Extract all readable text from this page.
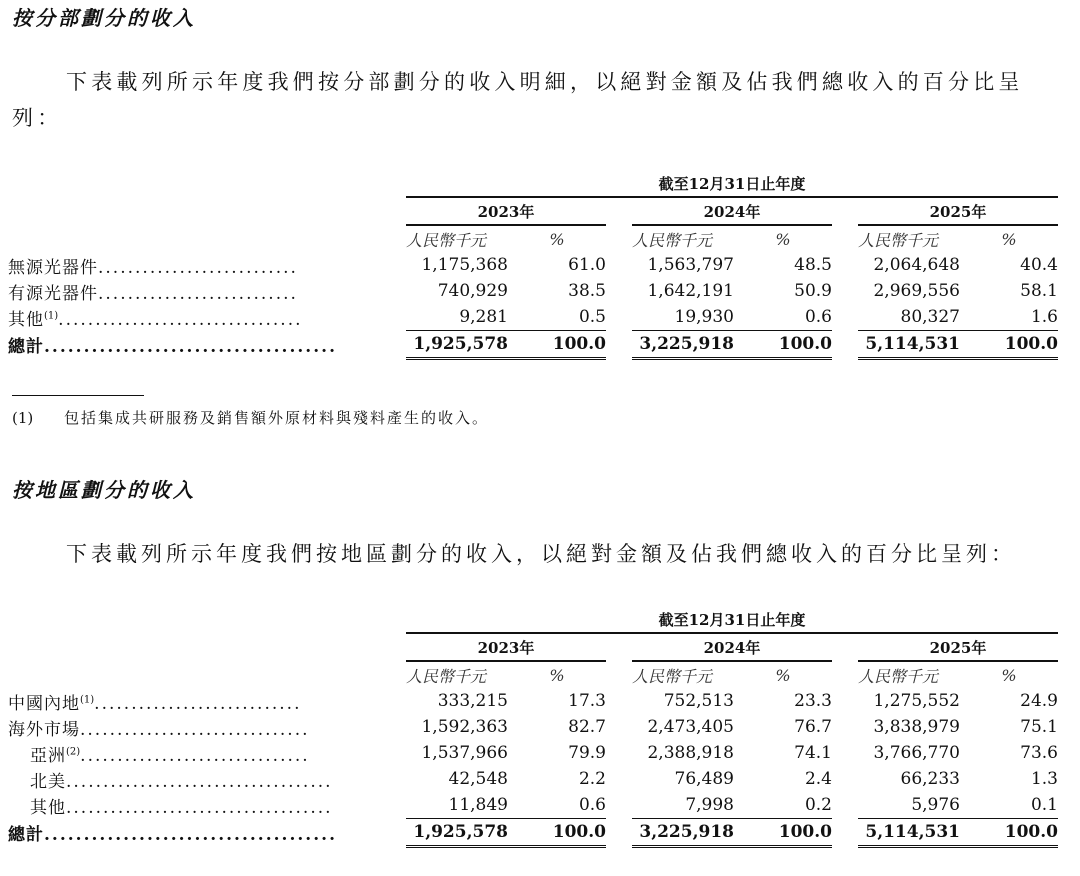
按分部劃分的收入
下表載列所示年度我們按分部劃分的收入明細，以絕對金額及佔我們總收入的百分比呈列：
	截至12月31日止年度							
	2023年			2024年			2025年	
	人民幣千元	%		人民幣千元	%		人民幣千元	%
無源光器件...........................	1,175,368	61.0		1,563,797	48.5		2,064,648	40.4
有源光器件...........................	740,929	38.5		1,642,191	50.9		2,969,556	58.1
其他$^{(1)}$.................................	9,281	0.5		19,930	0.6		80,327	1.6
總計.....................................	1,925,578	100.0		3,225,918	100.0		5,114,531	100.0
(1) 包括集成共研服務及銷售額外原材料與殘料產生的收入。
按地區劃分的收入
下表載列所示年度我們按地區劃分的收入，以絕對金額及佔我們總收入的百分比呈列：
	截至12月31日止年度							
	2023年			2024年			2025年	
	人民幣千元	%		人民幣千元	%		人民幣千元	%
中國內地$^{(1)}$............................	333,215	17.3		752,513	23.3		1,275,552	24.9
海外市場...............................	1,592,363	82.7		2,473,405	76.7		3,838,979	75.1
亞洲$^{(2)}$...............................	1,537,966	79.9		2,388,918	74.1		3,766,770	73.6
北美....................................	42,548	2.2		76,489	2.4		66,233	1.3
其他....................................	11,849	0.6		7,998	0.2		5,976	0.1
總計.....................................	1,925,578	100.0		3,225,918	100.0		5,114,531	100.0
